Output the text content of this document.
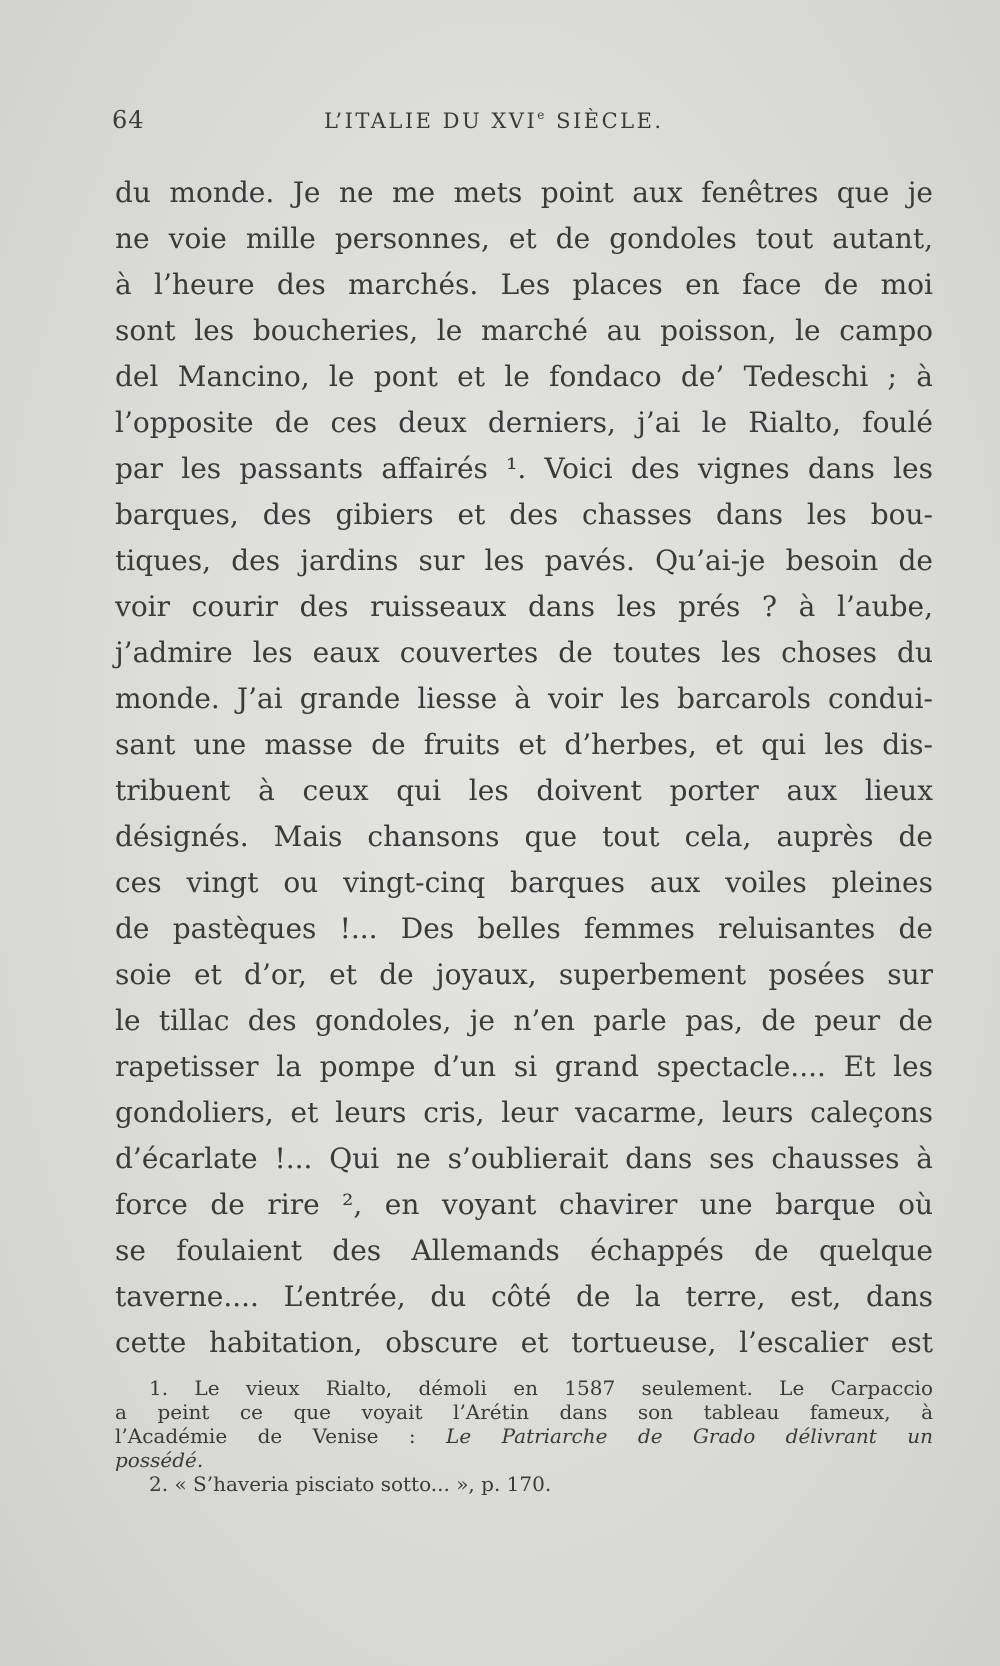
64	L’ITALIE DU XVIe SIÈCLE.
du monde. Je ne me mets point aux fenêtres que je
ne voie mille personnes, et de gondoles tout autant,
à l’heure des marchés. Les places en face de moi
sont les boucheries, le marché au poisson, le campo
del Mancino, le pont et le fondaco de’ Tedeschi ; à
l’opposite de ces deux derniers, j’ai le Rialto, foulé
par les passants affairés ¹. Voici des vignes dans les
barques, des gibiers et des chasses dans les bou-
tiques, des jardins sur les pavés. Qu’ai-je besoin de
voir courir des ruisseaux dans les prés ? à l’aube,
j’admire les eaux couvertes de toutes les choses du
monde. J’ai grande liesse à voir les barcarols condui-
sant une masse de fruits et d’herbes, et qui les dis-
tribuent à ceux qui les doivent porter aux lieux
désignés. Mais chansons que tout cela, auprès de
ces vingt ou vingt-cinq barques aux voiles pleines
de pastèques !... Des belles femmes reluisantes de
soie et d’or, et de joyaux, superbement posées sur
le tillac des gondoles, je n’en parle pas, de peur de
rapetisser la pompe d’un si grand spectacle.... Et les
gondoliers, et leurs cris, leur vacarme, leurs caleçons
d’écarlate !... Qui ne s’oublierait dans ses chausses à
force de rire ², en voyant chavirer une barque où
se foulaient des Allemands échappés de quelque
taverne.... L’entrée, du côté de la terre, est, dans
cette habitation, obscure et tortueuse, l’escalier est
1. Le vieux Rialto, démoli en 1587 seulement. Le Carpaccio
a peint ce que voyait l’Arétin dans son tableau fameux, à
l’Académie de Venise : Le Patriarche de Grado délivrant un
possédé.
2. « S’haveria pisciato sotto... », p. 170.
